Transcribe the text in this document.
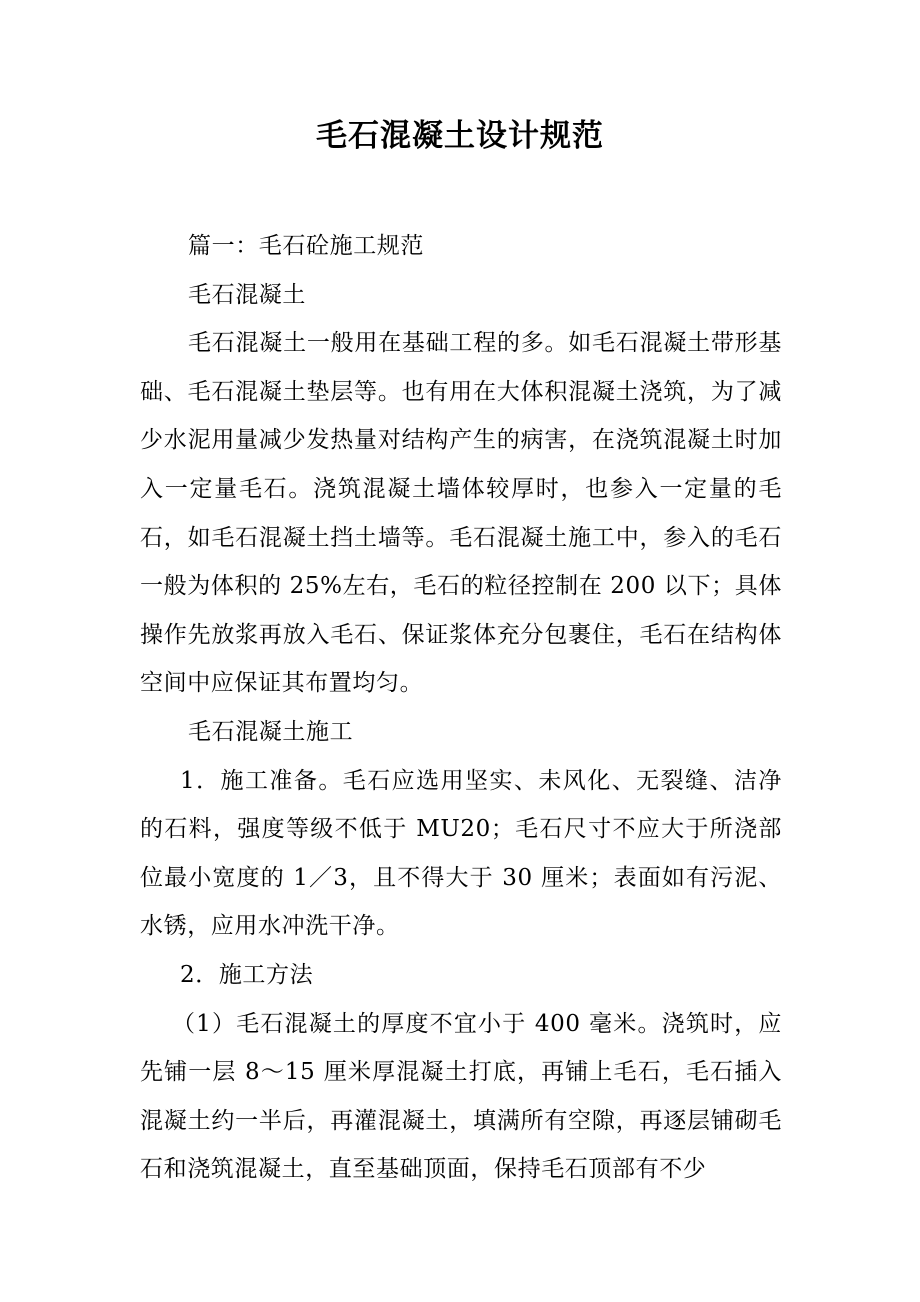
毛石混凝土设计规范

篇一：毛石砼施工规范

毛石混凝土

毛石混凝土一般用在基础工程的多。如毛石混凝土带形基础、毛石混凝土垫层等。也有用在大体积混凝土浇筑，为了减少水泥用量减少发热量对结构产生的病害，在浇筑混凝土时加入一定量毛石。浇筑混凝土墙体较厚时，也参入一定量的毛石，如毛石混凝土挡土墙等。毛石混凝土施工中，参入的毛石一般为体积的 25%左右，毛石的粒径控制在 200 以下；具体操作先放浆再放入毛石、保证浆体充分包裹住，毛石在结构体空间中应保证其布置均匀。

毛石混凝土施工

1．施工准备。毛石应选用坚实、未风化、无裂缝、洁净的石料，强度等级不低于 MU20；毛石尺寸不应大于所浇部位最小宽度的 1／3，且不得大于 30 厘米；表面如有污泥、水锈，应用水冲洗干净。

2．施工方法

（1）毛石混凝土的厚度不宜小于 400 毫米。浇筑时，应先铺一层 8～15 厘米厚混凝土打底，再铺上毛石，毛石插入混凝土约一半后，再灌混凝土，填满所有空隙，再逐层铺砌毛石和浇筑混凝土，直至基础顶面，保持毛石顶部有不少
